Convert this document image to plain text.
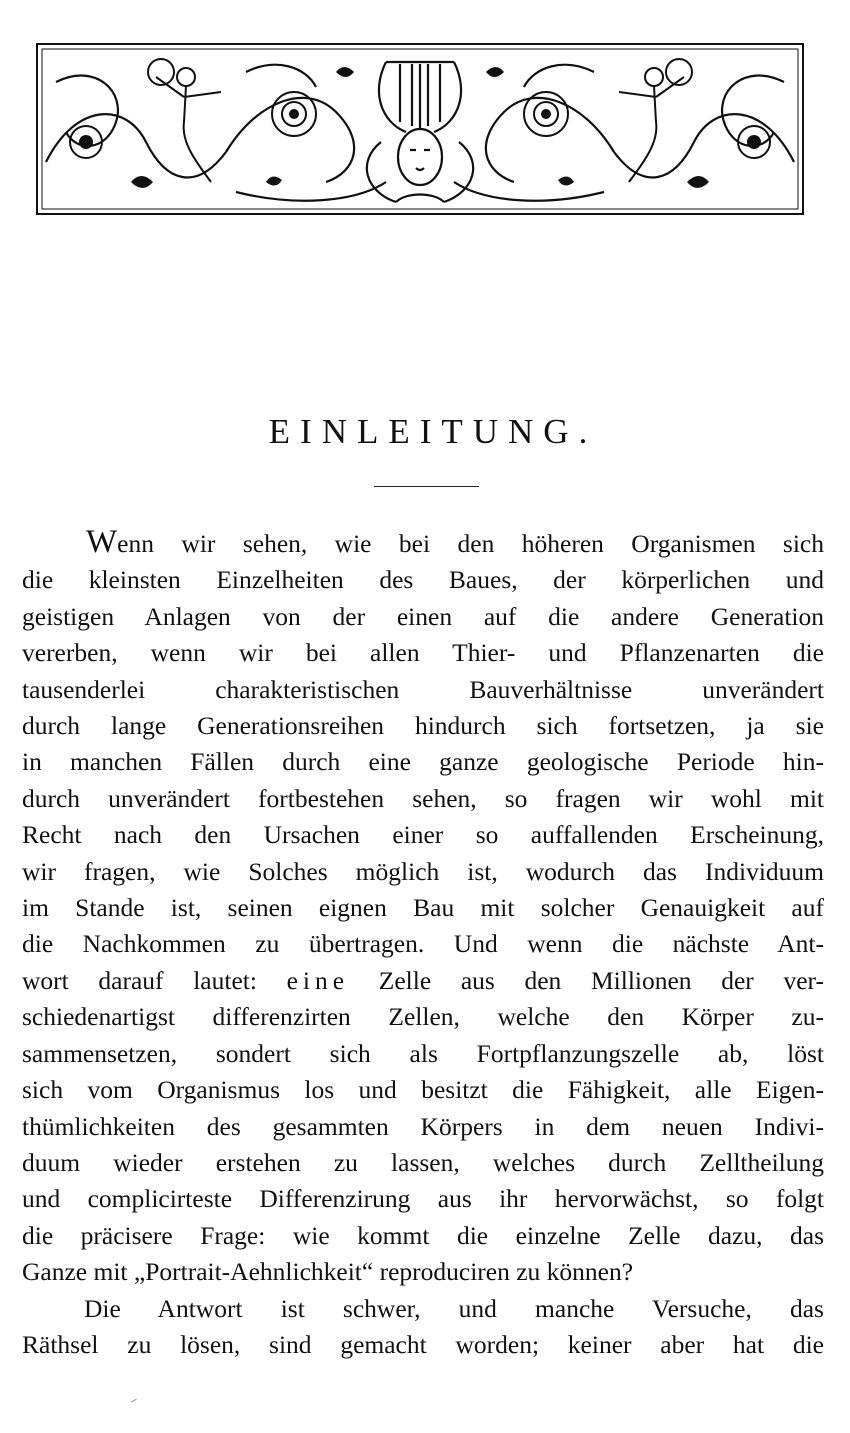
EINLEITUNG.

Wenn wir sehen, wie bei den höheren Organismen sich
die kleinsten Einzelheiten des Baues, der körperlichen und
geistigen Anlagen von der einen auf die andere Generation
vererben, wenn wir bei allen Thier- und Pflanzenarten die
tausenderlei charakteristischen Bauverhältnisse unverändert
durch lange Generationsreihen hindurch sich fortsetzen, ja sie
in manchen Fällen durch eine ganze geologische Periode hin-
durch unverändert fortbestehen sehen, so fragen wir wohl mit
Recht nach den Ursachen einer so auffallenden Erscheinung,
wir fragen, wie Solches möglich ist, wodurch das Individuum
im Stande ist, seinen eignen Bau mit solcher Genauigkeit auf
die Nachkommen zu übertragen. Und wenn die nächste Ant-
wort darauf lautet: eine Zelle aus den Millionen der ver-
schiedenartigst differenzirten Zellen, welche den Körper zu-
sammensetzen, sondert sich als Fortpflanzungszelle ab, löst
sich vom Organismus los und besitzt die Fähigkeit, alle Eigen-
thümlichkeiten des gesammten Körpers in dem neuen Indivi-
duum wieder erstehen zu lassen, welches durch Zelltheilung
und complicirteste Differenzirung aus ihr hervorwächst, so folgt
die präcisere Frage: wie kommt die einzelne Zelle dazu, das
Ganze mit „Portrait-Aehnlichkeit“ reproduciren zu können?

Die Antwort ist schwer, und manche Versuche, das
Räthsel zu lösen, sind gemacht worden; keiner aber hat die
